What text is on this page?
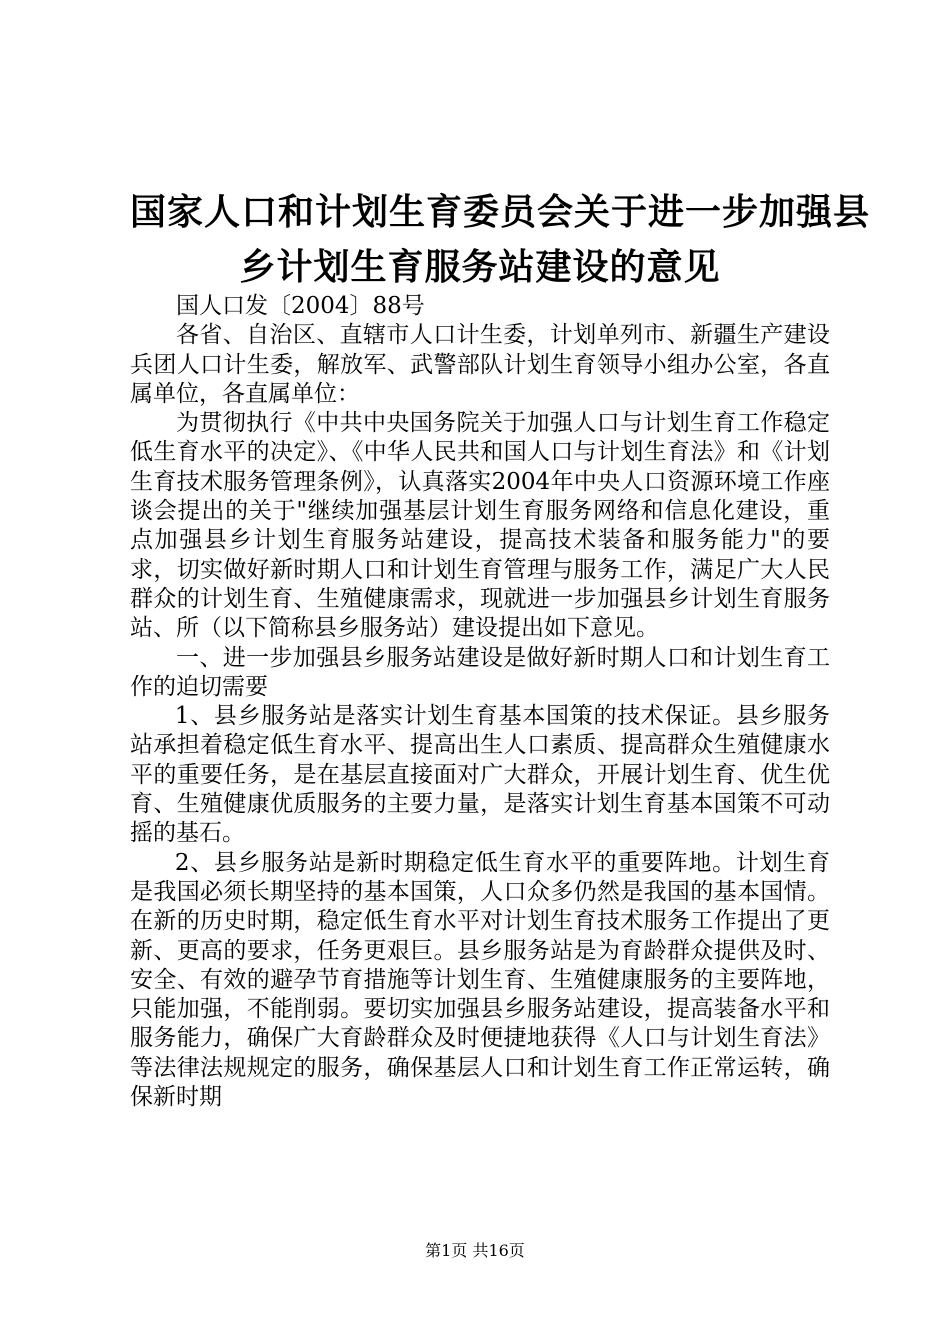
国家人口和计划生育委员会关于进一步加强县
乡计划生育服务站建设的意见

国人口发〔2004〕88号

各省、自治区、直辖市人口计生委，计划单列市、新疆生产建设兵团人口计生委，解放军、武警部队计划生育领导小组办公室，各直属单位，各直属单位：

为贯彻执行《中共中央国务院关于加强人口与计划生育工作稳定低生育水平的决定》、《中华人民共和国人口与计划生育法》和《计划生育技术服务管理条例》，认真落实2004年中央人口资源环境工作座谈会提出的关于"继续加强基层计划生育服务网络和信息化建设，重点加强县乡计划生育服务站建设，提高技术装备和服务能力"的要求，切实做好新时期人口和计划生育管理与服务工作，满足广大人民群众的计划生育、生殖健康需求，现就进一步加强县乡计划生育服务站、所（以下简称县乡服务站）建设提出如下意见。

一、进一步加强县乡服务站建设是做好新时期人口和计划生育工作的迫切需要

1、县乡服务站是落实计划生育基本国策的技术保证。县乡服务站承担着稳定低生育水平、提高出生人口素质、提高群众生殖健康水平的重要任务，是在基层直接面对广大群众，开展计划生育、优生优育、生殖健康优质服务的主要力量，是落实计划生育基本国策不可动摇的基石。

2、县乡服务站是新时期稳定低生育水平的重要阵地。计划生育是我国必须长期坚持的基本国策，人口众多仍然是我国的基本国情。在新的历史时期，稳定低生育水平对计划生育技术服务工作提出了更新、更高的要求，任务更艰巨。县乡服务站是为育龄群众提供及时、安全、有效的避孕节育措施等计划生育、生殖健康服务的主要阵地，只能加强，不能削弱。要切实加强县乡服务站建设，提高装备水平和服务能力，确保广大育龄群众及时便捷地获得《人口与计划生育法》等法律法规规定的服务，确保基层人口和计划生育工作正常运转，确保新时期

第1页 共16页
